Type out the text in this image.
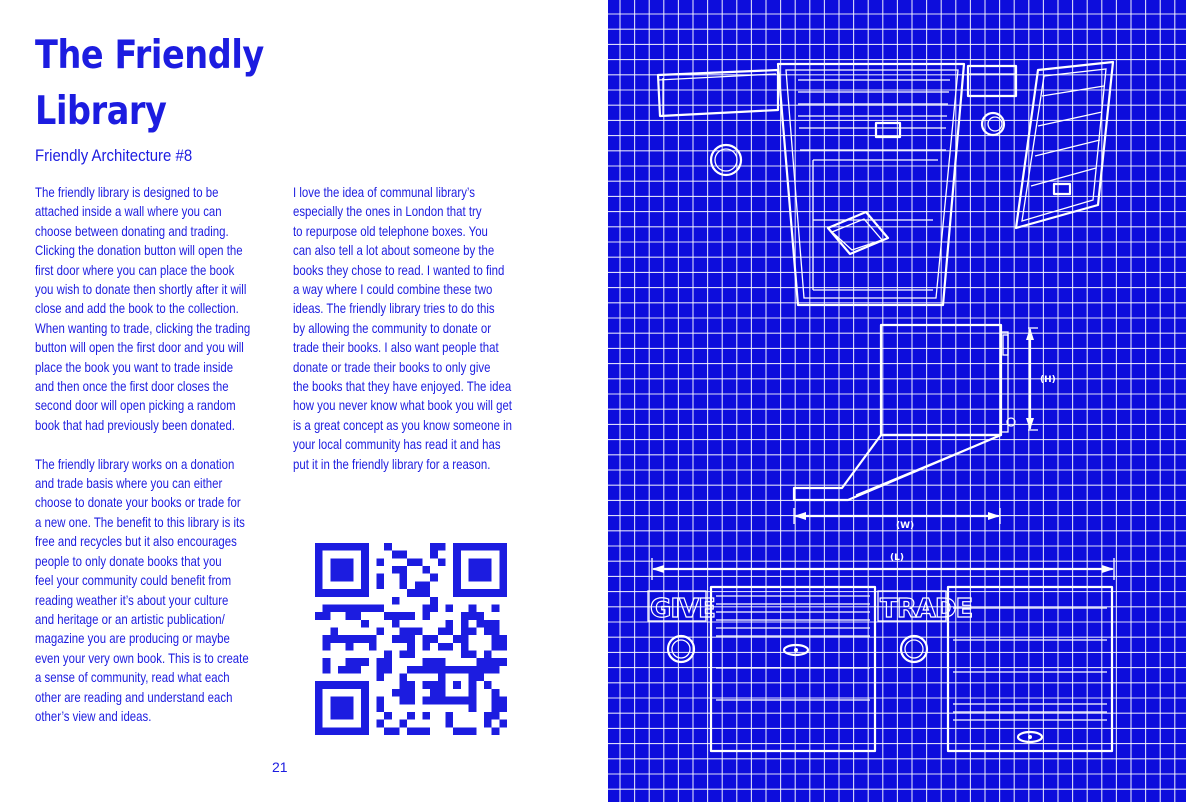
The Friendly Library
Friendly Architecture #8

The friendly library is designed to be
attached inside a wall where you can
choose between donating and trading.
Clicking the donation button will open the
first door where you can place the book
you wish to donate then shortly after it will
close and add the book to the collection.
When wanting to trade, clicking the trading
button will open the first door and you will
place the book you want to trade inside
and then once the first door closes the
second door will open picking a random
book that had previously been donated.

The friendly library works on a donation
and trade basis where you can either
choose to donate your books or trade for
a new one. The benefit to this library is its
free and recycles but it also encourages
people to only donate books that you
feel your community could benefit from
reading weather it’s about your culture
and heritage or an artistic publication/
magazine you are producing or maybe
even your very own book. This is to create
a sense of community, read what each
other are reading and understand each
other’s view and ideas.

I love the idea of communal library’s
especially the ones in London that try
to repurpose old telephone boxes. You
can also tell a lot about someone by the
books they chose to read. I wanted to find
a way where I could combine these two
ideas. The friendly library tries to do this
by allowing the community to donate or
trade their books. I also want people that
donate or trade their books to only give
the books that they have enjoyed. The idea
how you never know what book you will get
is a great concept as you know someone in
your local community has read it and has
put it in the friendly library for a reason.

21
(H)
(W)
(L)
GIVE	TRADE
